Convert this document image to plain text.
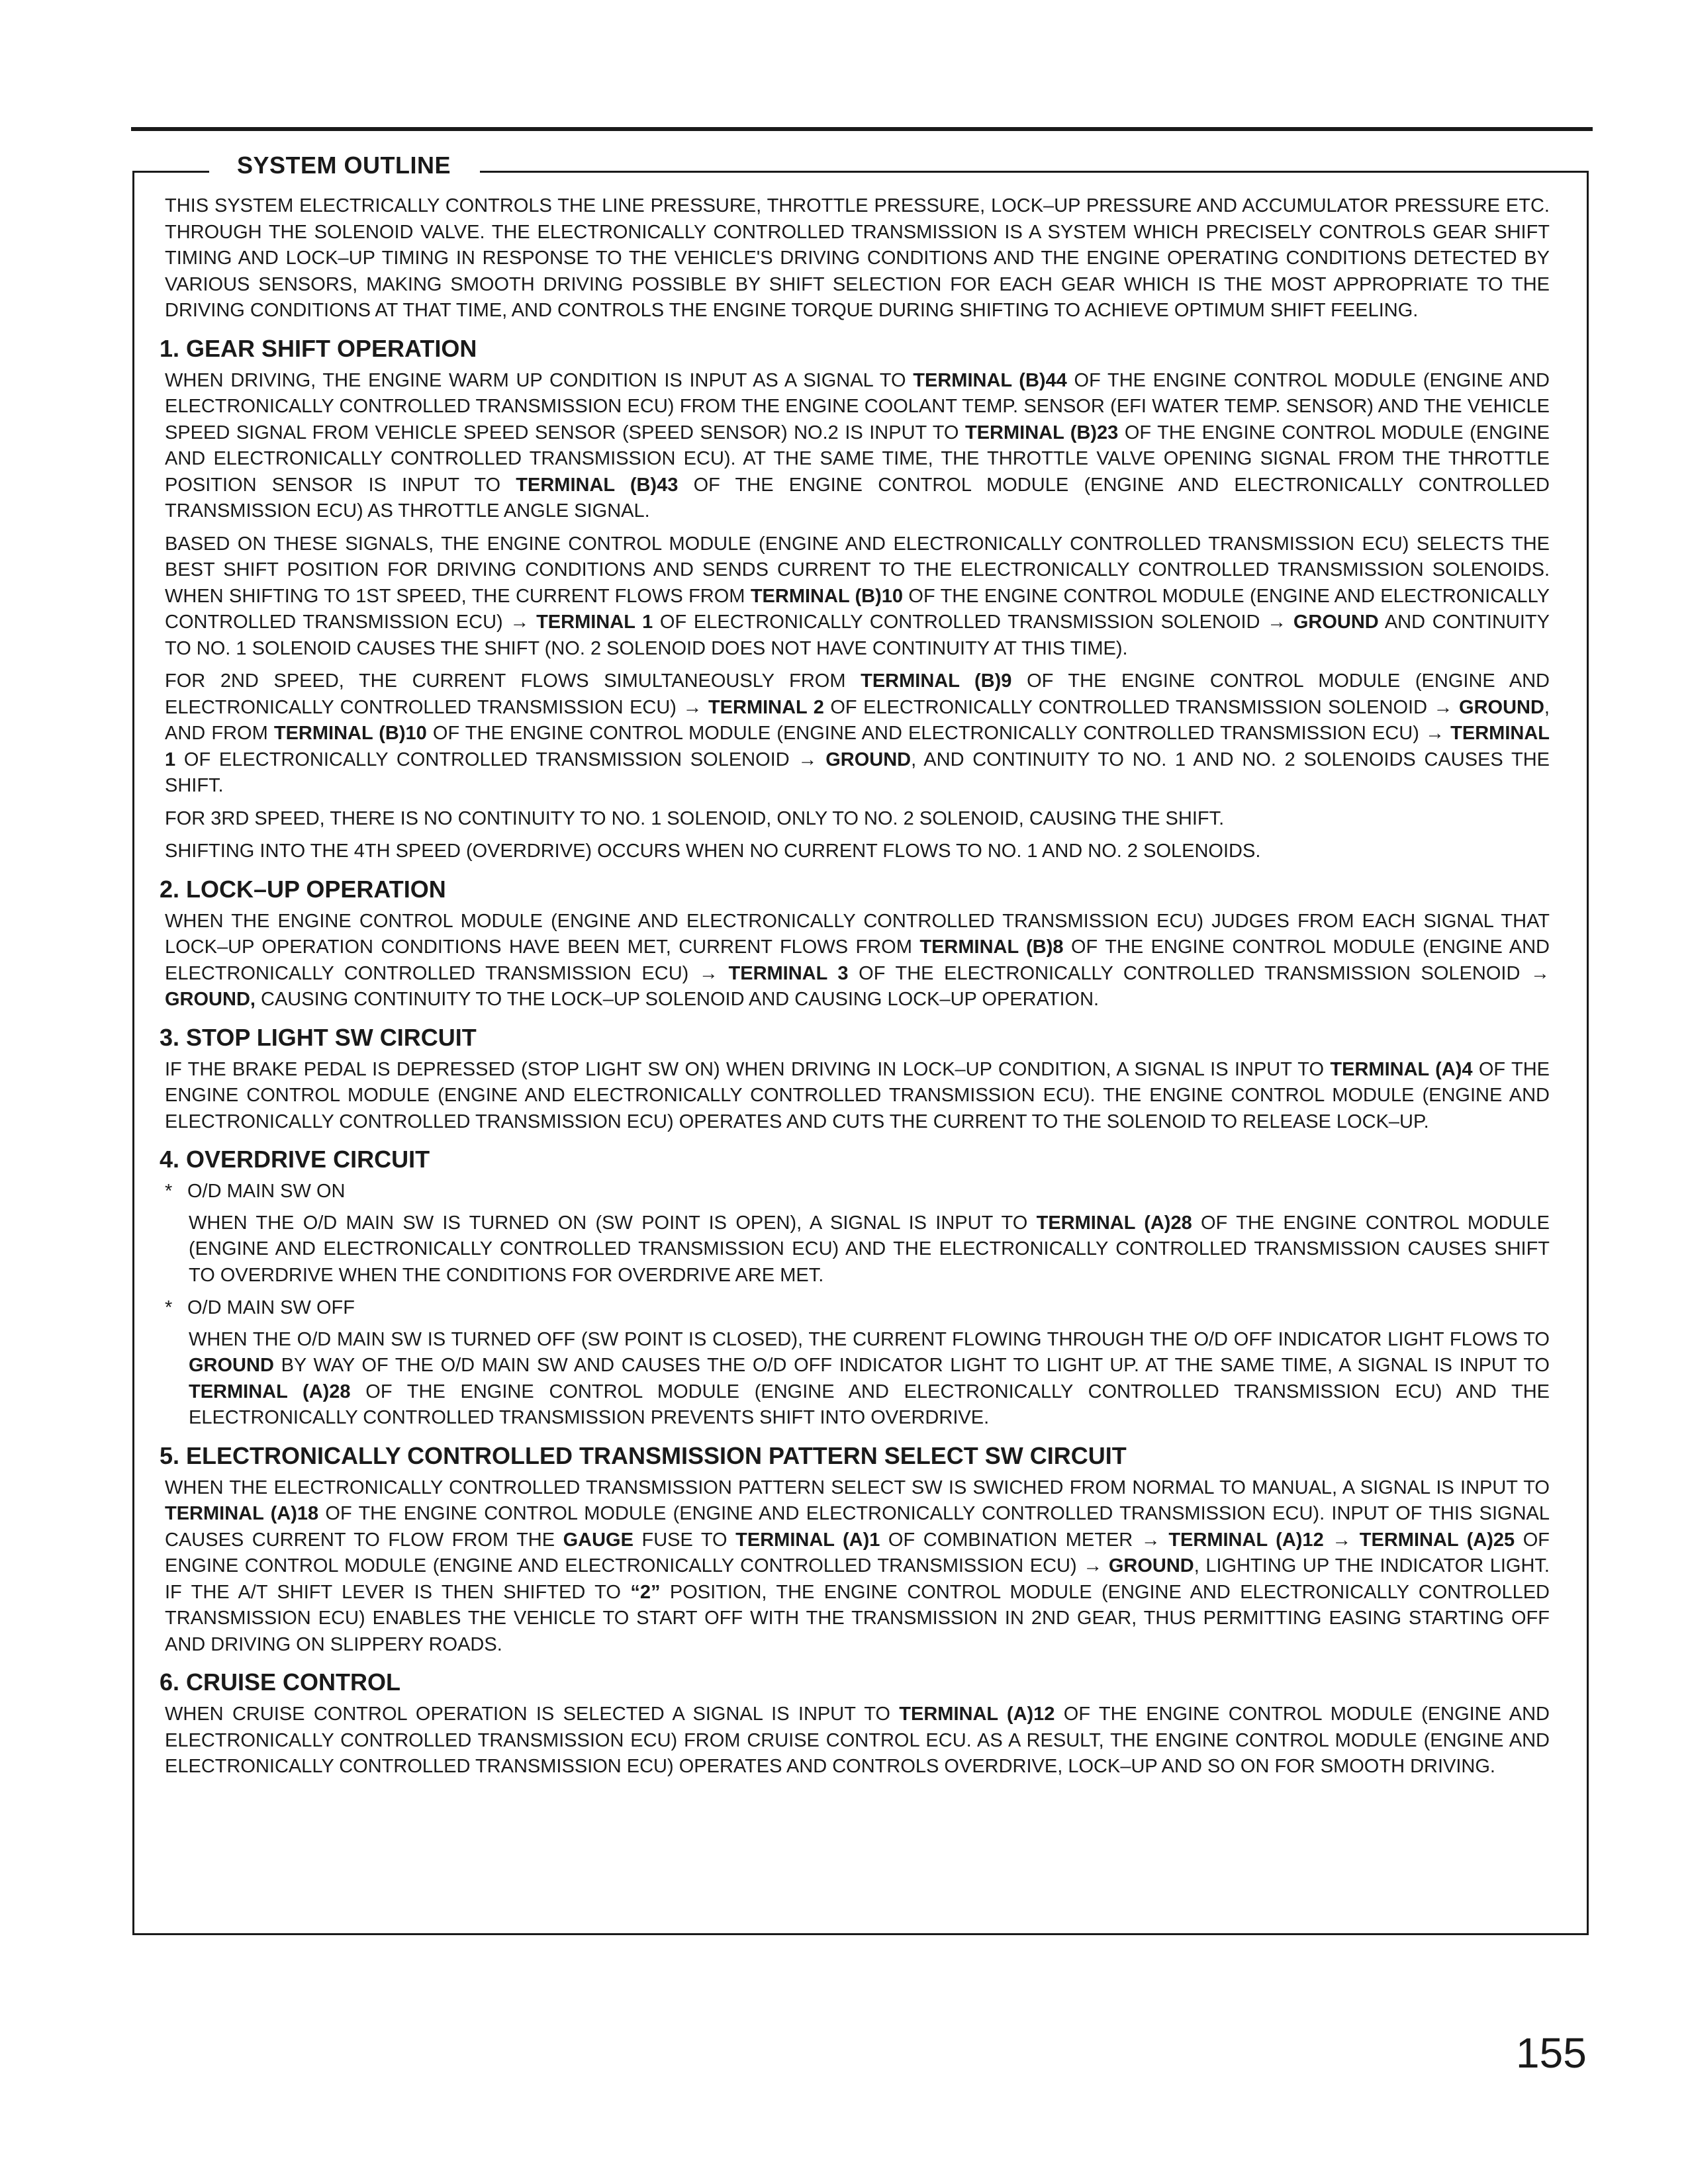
SYSTEM OUTLINE

THIS SYSTEM ELECTRICALLY CONTROLS THE LINE PRESSURE, THROTTLE PRESSURE, LOCK–UP PRESSURE AND ACCUMULATOR PRESSURE ETC. THROUGH THE SOLENOID VALVE. THE ELECTRONICALLY CONTROLLED TRANSMISSION IS A SYSTEM WHICH PRECISELY CONTROLS GEAR SHIFT TIMING AND LOCK–UP TIMING IN RESPONSE TO THE VEHICLE'S DRIVING CONDITIONS AND THE ENGINE OPERATING CONDITIONS DETECTED BY VARIOUS SENSORS, MAKING SMOOTH DRIVING POSSIBLE BY SHIFT SELECTION FOR EACH GEAR WHICH IS THE MOST APPROPRIATE TO THE DRIVING CONDITIONS AT THAT TIME, AND CONTROLS THE ENGINE TORQUE DURING SHIFTING TO ACHIEVE OPTIMUM SHIFT FEELING.

1. GEAR SHIFT OPERATION

WHEN DRIVING, THE ENGINE WARM UP CONDITION IS INPUT AS A SIGNAL TO TERMINAL (B)44 OF THE ENGINE CONTROL MODULE (ENGINE AND ELECTRONICALLY CONTROLLED TRANSMISSION ECU) FROM THE ENGINE COOLANT TEMP. SENSOR (EFI WATER TEMP. SENSOR) AND THE VEHICLE SPEED SIGNAL FROM VEHICLE SPEED SENSOR (SPEED SENSOR) NO.2 IS INPUT TO TERMINAL (B)23 OF THE ENGINE CONTROL MODULE (ENGINE AND ELECTRONICALLY CONTROLLED TRANSMISSION ECU). AT THE SAME TIME, THE THROTTLE VALVE OPENING SIGNAL FROM THE THROTTLE POSITION SENSOR IS INPUT TO TERMINAL (B)43 OF THE ENGINE CONTROL MODULE (ENGINE AND ELECTRONICALLY CONTROLLED TRANSMISSION ECU) AS THROTTLE ANGLE SIGNAL.

BASED ON THESE SIGNALS, THE ENGINE CONTROL MODULE (ENGINE AND ELECTRONICALLY CONTROLLED TRANSMISSION ECU) SELECTS THE BEST SHIFT POSITION FOR DRIVING CONDITIONS AND SENDS CURRENT TO THE ELECTRONICALLY CONTROLLED TRANSMISSION SOLENOIDS. WHEN SHIFTING TO 1ST SPEED, THE CURRENT FLOWS FROM TERMINAL (B)10 OF THE ENGINE CONTROL MODULE (ENGINE AND ELECTRONICALLY CONTROLLED TRANSMISSION ECU) → TERMINAL 1 OF ELECTRONICALLY CONTROLLED TRANSMISSION SOLENOID → GROUND AND CONTINUITY TO NO. 1 SOLENOID CAUSES THE SHIFT (NO. 2 SOLENOID DOES NOT HAVE CONTINUITY AT THIS TIME).

FOR 2ND SPEED, THE CURRENT FLOWS SIMULTANEOUSLY FROM TERMINAL (B)9 OF THE ENGINE CONTROL MODULE (ENGINE AND ELECTRONICALLY CONTROLLED TRANSMISSION ECU) → TERMINAL 2 OF ELECTRONICALLY CONTROLLED TRANSMISSION SOLENOID → GROUND, AND FROM TERMINAL (B)10 OF THE ENGINE CONTROL MODULE (ENGINE AND ELECTRONICALLY CONTROLLED TRANSMISSION ECU) → TERMINAL 1 OF ELECTRONICALLY CONTROLLED TRANSMISSION SOLENOID → GROUND, AND CONTINUITY TO NO. 1 AND NO. 2 SOLENOIDS CAUSES THE SHIFT.

FOR 3RD SPEED, THERE IS NO CONTINUITY TO NO. 1 SOLENOID, ONLY TO NO. 2 SOLENOID, CAUSING THE SHIFT.

SHIFTING INTO THE 4TH SPEED (OVERDRIVE) OCCURS WHEN NO CURRENT FLOWS TO NO. 1 AND NO. 2 SOLENOIDS.

2. LOCK–UP OPERATION

WHEN THE ENGINE CONTROL MODULE (ENGINE AND ELECTRONICALLY CONTROLLED TRANSMISSION ECU) JUDGES FROM EACH SIGNAL THAT LOCK–UP OPERATION CONDITIONS HAVE BEEN MET, CURRENT FLOWS FROM TERMINAL (B)8 OF THE ENGINE CONTROL MODULE (ENGINE AND ELECTRONICALLY CONTROLLED TRANSMISSION ECU) → TERMINAL 3 OF THE ELECTRONICALLY CONTROLLED TRANSMISSION SOLENOID → GROUND, CAUSING CONTINUITY TO THE LOCK–UP SOLENOID AND CAUSING LOCK–UP OPERATION.

3. STOP LIGHT SW CIRCUIT

IF THE BRAKE PEDAL IS DEPRESSED (STOP LIGHT SW ON) WHEN DRIVING IN LOCK–UP CONDITION, A SIGNAL IS INPUT TO TERMINAL (A)4 OF THE ENGINE CONTROL MODULE (ENGINE AND ELECTRONICALLY CONTROLLED TRANSMISSION ECU). THE ENGINE CONTROL MODULE (ENGINE AND ELECTRONICALLY CONTROLLED TRANSMISSION ECU) OPERATES AND CUTS THE CURRENT TO THE SOLENOID TO RELEASE LOCK–UP.

4. OVERDRIVE CIRCUIT
* O/D MAIN SW ON

WHEN THE O/D MAIN SW IS TURNED ON (SW POINT IS OPEN), A SIGNAL IS INPUT TO TERMINAL (A)28 OF THE ENGINE CONTROL MODULE (ENGINE AND ELECTRONICALLY CONTROLLED TRANSMISSION ECU) AND THE ELECTRONICALLY CONTROLLED TRANSMISSION CAUSES SHIFT TO OVERDRIVE WHEN THE CONDITIONS FOR OVERDRIVE ARE MET.

* O/D MAIN SW OFF

WHEN THE O/D MAIN SW IS TURNED OFF (SW POINT IS CLOSED), THE CURRENT FLOWING THROUGH THE O/D OFF INDICATOR LIGHT FLOWS TO GROUND BY WAY OF THE O/D MAIN SW AND CAUSES THE O/D OFF INDICATOR LIGHT TO LIGHT UP. AT THE SAME TIME, A SIGNAL IS INPUT TO TERMINAL (A)28 OF THE ENGINE CONTROL MODULE (ENGINE AND ELECTRONICALLY CONTROLLED TRANSMISSION ECU) AND THE ELECTRONICALLY CONTROLLED TRANSMISSION PREVENTS SHIFT INTO OVERDRIVE.

5. ELECTRONICALLY CONTROLLED TRANSMISSION PATTERN SELECT SW CIRCUIT

WHEN THE ELECTRONICALLY CONTROLLED TRANSMISSION PATTERN SELECT SW IS SWICHED FROM NORMAL TO MANUAL, A SIGNAL IS INPUT TO TERMINAL (A)18 OF THE ENGINE CONTROL MODULE (ENGINE AND ELECTRONICALLY CONTROLLED TRANSMISSION ECU). INPUT OF THIS SIGNAL CAUSES CURRENT TO FLOW FROM THE GAUGE FUSE TO TERMINAL (A)1 OF COMBINATION METER → TERMINAL (A)12 → TERMINAL (A)25 OF ENGINE CONTROL MODULE (ENGINE AND ELECTRONICALLY CONTROLLED TRANSMISSION ECU) → GROUND, LIGHTING UP THE INDICATOR LIGHT. IF THE A/T SHIFT LEVER IS THEN SHIFTED TO “2” POSITION, THE ENGINE CONTROL MODULE (ENGINE AND ELECTRONICALLY CONTROLLED TRANSMISSION ECU) ENABLES THE VEHICLE TO START OFF WITH THE TRANSMISSION IN 2ND GEAR, THUS PERMITTING EASING STARTING OFF AND DRIVING ON SLIPPERY ROADS.

6. CRUISE CONTROL

WHEN CRUISE CONTROL OPERATION IS SELECTED A SIGNAL IS INPUT TO TERMINAL (A)12 OF THE ENGINE CONTROL MODULE (ENGINE AND ELECTRONICALLY CONTROLLED TRANSMISSION ECU) FROM CRUISE CONTROL ECU. AS A RESULT, THE ENGINE CONTROL MODULE (ENGINE AND ELECTRONICALLY CONTROLLED TRANSMISSION ECU) OPERATES AND CONTROLS OVERDRIVE, LOCK–UP AND SO ON FOR SMOOTH DRIVING.

155
